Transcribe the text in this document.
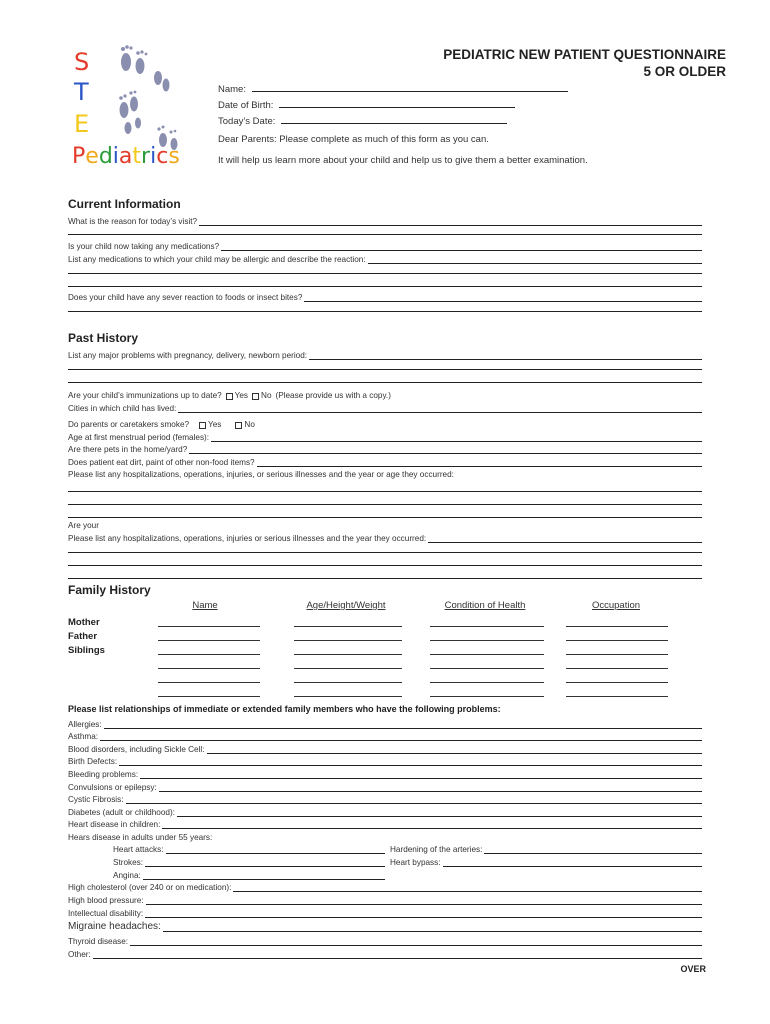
S
T
E
Pediatrics
PEDIATRIC NEW PATIENT QUESTIONNAIRE
5 OR OLDER
Name:
Date of Birth:
Today’s Date:
Dear Parents: Please complete as much of this form as you can.
It will help us learn more about your child and help us to give them a better examination.
Current Information
What is the reason for today’s visit?
Is your child now taking any medications?
List any medications to which your child may be allergic and describe the reaction:
Does your child have any sever reaction to foods or insect bites?
Past History
List any major problems with pregnancy, delivery, newborn period:
Are your child’s immunizations up to date? Yes No (Please provide us with a copy.)
Cities in which child has lived:
Do parents or caretakers smoke? Yes	No
Age at first menstrual period (females):
Are there pets in the home/yard?
Does patient eat dirt, paint of other non-food items?
Please list any hospitalizations, operations, injuries, or serious illnesses and the year or age they occurred:
Are your
Please list any hospitalizations, operations, injuries or serious illnesses and the year they occurred:
Family History
Name	Age/Height/Weight	Condition of Health	Occupation
Mother
Father
Siblings
Please list relationships of immediate or extended family members who have the following problems:
Allergies:
Asthma:
Blood disorders, including Sickle Cell:
Birth Defects:
Bleeding problems:
Convulsions or epilepsy:
Cystic Fibrosis:
Diabetes (adult or childhood):
Heart disease in children:
Hears disease in adults under 55 years:
Heart attacks:	Hardening of the arteries:
Strokes:	Heart bypass:
Angina:
High cholesterol (over 240 or on medication):
High blood pressure:
Intellectual disability:
Migraine headaches:
Thyroid disease:
Other:
OVER
